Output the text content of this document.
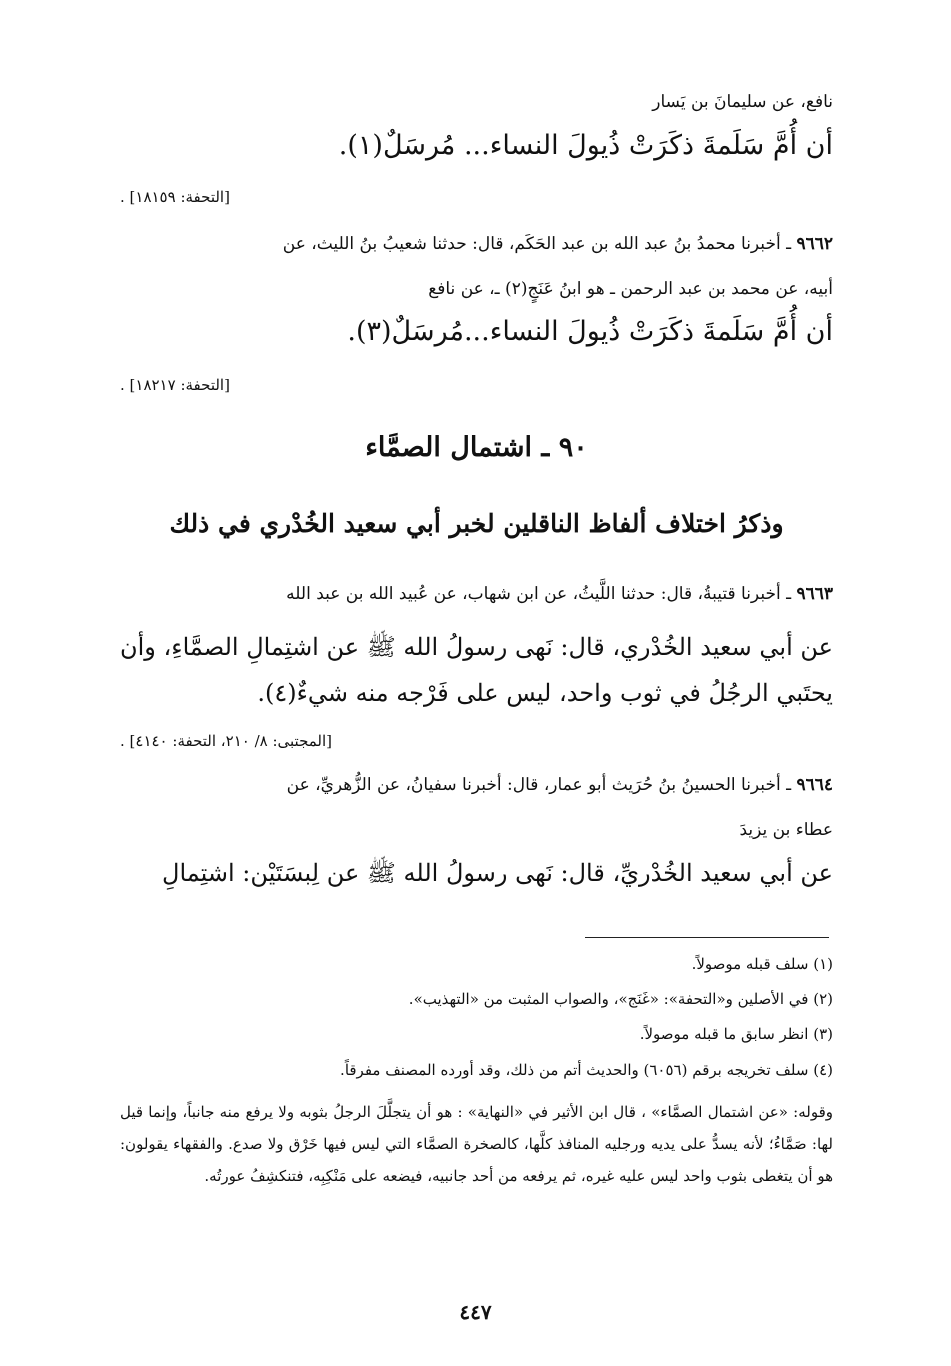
نافع، عن سليمانَ بن يَسار

أن أُمَّ سَلَمةَ ذكَرَتْ ذُيولَ النساء... مُرسَلٌ(١).

[التحفة: ١٨١٥٩] .

٩٦٦٢ ـ أخبرنا محمدُ بنُ عبد الله بن عبد الحَكَم، قال: حدثنا شعيبُ بنُ الليث، عن

أبيه، عن محمد بن عبد الرحمن ـ هو ابنُ عَنَجٍ(٢) ـ، عن نافع

أن أُمَّ سَلَمةَ ذكَرَتْ ذُيولَ النساء...مُرسَلٌ(٣).

[التحفة: ١٨٢١٧] .

٩٠ ـ اشتمال الصمَّاء

وذكرُ اختلاف ألفاظ الناقلين لخبر أبي سعيد الخُدْري في ذلك

٩٦٦٣ ـ أخبرنا قتيبةُ، قال: حدثنا اللَّيثُ، عن ابن شهاب، عن عُبيد الله بن عبد الله

عن أبي سعيد الخُدْري، قال: نَهى رسولُ الله ﷺ عن اشتِمالِ الصمَّاءِ، وأن يحتَبي الرجُلُ في ثوب واحد، ليس على فَرْجه منه شيءٌ(٤).

[المجتبى: ٨/ ٢١٠، التحفة: ٤١٤٠] .

٩٦٦٤ ـ أخبرنا الحسينُ بنُ حُرَيث أبو عمار، قال: أخبرنا سفيانُ، عن الزُّهريِّ، عن

عطاء بن يزيدَ

عن أبي سعيد الخُدْريِّ، قال: نَهى رسولُ الله ﷺ عن لِبسَتَيْن: اشتِمالِ

(١) سلف قبله موصولاً.

(٢) في الأصلين و«التحفة»: «غَنَج»، والصواب المثبت من «التهذيب».

(٣) انظر سابق ما قبله موصولاً.

(٤) سلف تخريجه برقم (٦٠٥٦) والحديث أتم من ذلك، وقد أورده المصنف مفرقاً.

وقوله: «عن اشتمال الصمَّاء» ، قال ابن الأثير في «النهاية» : هو أن يتجلَّلَ الرجلُ بثوبه ولا يرفع منه جانباً، وإنما قيل لها: صَمَّاءُ؛ لأنه يسدُّ على يديه ورجليه المنافذ كلَّها، كالصخرة الصمَّاء التي ليس فيها خَرْق ولا صدع. والفقهاء يقولون: هو أن يتغطى بثوب واحد ليس عليه غيره، ثم يرفعه من أحد جانبيه، فيضعه على مَنْكِبِه، فتنكشِفُ عورتُه.

٤٤٧
